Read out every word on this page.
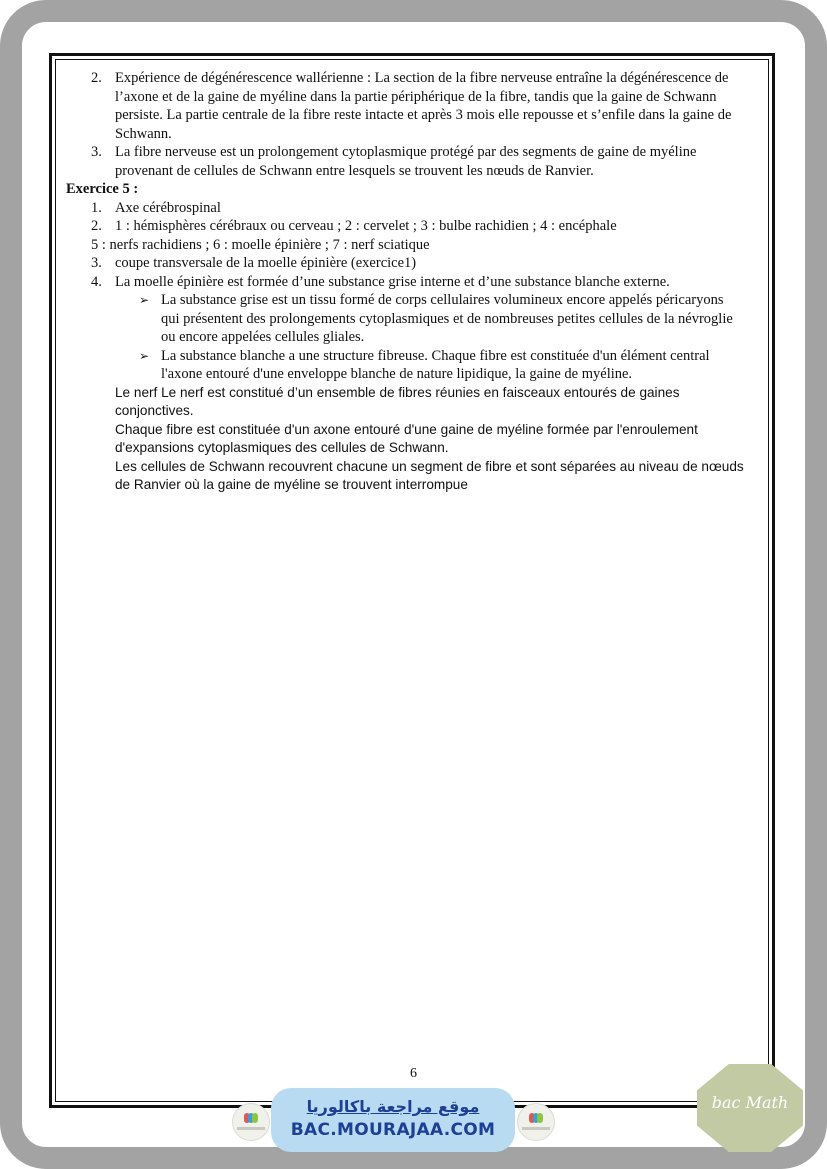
2. Expérience de dégénérescence wallérienne : La section de la fibre nerveuse entraîne la dégénérescence de l’axone et de la gaine de myéline dans la partie périphérique de la fibre, tandis que la gaine de Schwann persiste. La partie centrale de la fibre reste intacte et après 3 mois elle repousse et s’enfile dans la gaine de Schwann.
3. La fibre nerveuse est un prolongement cytoplasmique protégé par des segments de gaine de myéline provenant de cellules de Schwann entre lesquels se trouvent les nœuds de Ranvier.
Exercice 5 :
1. Axe cérébrospinal
2. 1 : hémisphères cérébraux ou cerveau ; 2 : cervelet ; 3 : bulbe rachidien ; 4 : encéphale
5 : nerfs rachidiens ; 6 : moelle épinière ; 7 : nerf sciatique
3. coupe transversale de la moelle épinière (exercice1)
4. La moelle épinière est formée d’une substance grise interne et d’une substance blanche externe.
➢ La substance grise est un tissu formé de corps cellulaires volumineux encore appelés péricaryons qui présentent des prolongements cytoplasmiques et de nombreuses petites cellules de la névroglie ou encore appelées cellules gliales.
➢ La substance blanche a une structure fibreuse. Chaque fibre est constituée d'un élément central l'axone entouré d'une enveloppe blanche de nature lipidique, la gaine de myéline.
Le nerf Le nerf est constitué d’un ensemble de fibres réunies en faisceaux entourés de gaines conjonctives.
Chaque fibre est constituée d'un axone entouré d'une gaine de myéline formée par l'enroulement d'expansions cytoplasmiques des cellules de Schwann.
Les cellules de Schwann recouvrent chacune un segment de fibre et sont séparées au niveau de nœuds de Ranvier où la gaine de myéline se trouvent interrompue
6
موقع مراجعة باكالوريا
BAC.MOURAJAA.COM
bac Math
